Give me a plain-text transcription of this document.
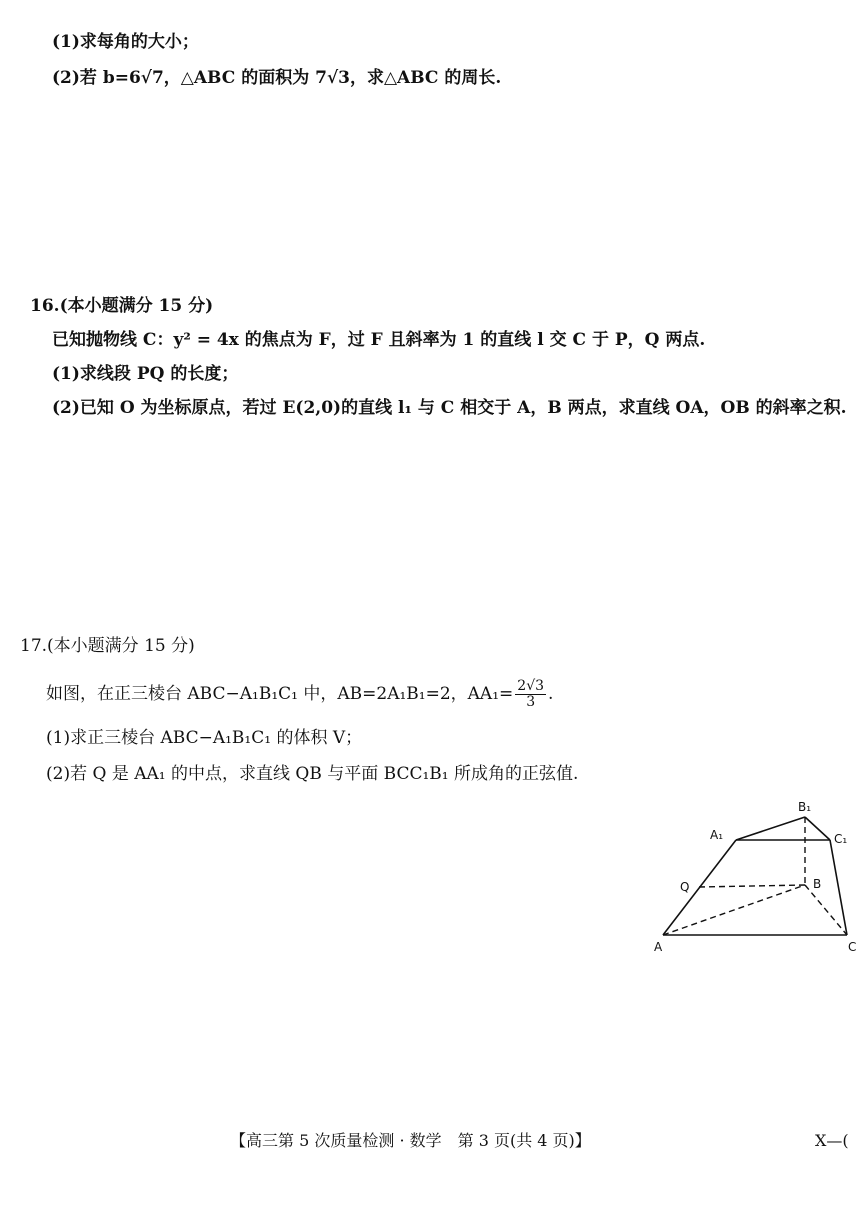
(1)求每角的大小；
(2)若 b=6√7，△ABC 的面积为 7√3，求△ABC 的周长.
16.(本小题满分 15 分)
已知抛物线 C：y² = 4x 的焦点为 F，过 F 且斜率为 1 的直线 l 交 C 于 P，Q 两点.
(1)求线段 PQ 的长度；
(2)已知 O 为坐标原点，若过 E(2,0)的直线 l₁ 与 C 相交于 A，B 两点，求直线 OA，OB 的斜率之积.
17.(本小题满分 15 分)
如图，在正三棱台 ABC−A₁B₁C₁ 中，AB=2A₁B₁=2，$AA_1= \frac{2√3}{3}$ .
(1)求正三棱台 ABC−A₁B₁C₁ 的体积 V；
(2)若 Q 是 AA₁ 的中点，求直线 QB 与平面 BCC₁B₁ 所成角的正弦值.
A
B
C
A₁
B₁
C₁
Q
【高三第 5 次质量检测 · 数学　第 3 页(共 4 页)】	X—(
